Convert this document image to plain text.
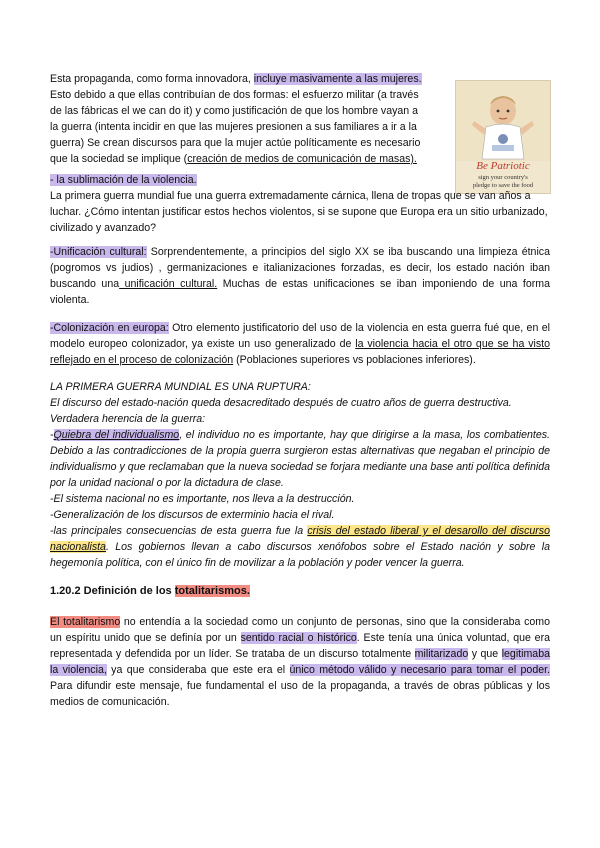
Be Patriotic
sign your country's
pledge to save the food
Esta propaganda, como forma innovadora, incluye masivamente a las mujeres.
Esto debido a que ellas contribuían de dos formas: el esfuerzo militar (a través
de las fábricas el we can do it) y como justificación de que los hombre vayan a
la guerra (intenta incidir en que las mujeres presionen a sus familiares a ir a la
guerra) Se crean discursos para que la mujer actúe políticamente es necesario
que la sociedad se implique (creación de medios de comunicación de masas).
- la sublimación de la violencia.
La primera guerra mundial fue una guerra extremadamente cárnica, llena de tropas que se van años a luchar. ¿Cómo intentan justificar estos hechos violentos, si se supone que Europa era un sitio urbanizado, civilizado y avanzado?
-Unificación cultural: Sorprendentemente, a principios del siglo XX se iba buscando una limpieza étnica (pogromos vs judios) , germanizaciones e italianizaciones forzadas, es decir, los estado nación iban buscando una unificación cultural. Muchas de estas unificaciones se iban imponiendo de una forma violenta.
-Colonización en europa: Otro elemento justificatorio del uso de la violencia en esta guerra fué que, en el modelo europeo colonizador, ya existe un uso generalizado de la violencia hacia el otro que se ha visto reflejado en el proceso de colonización (Poblaciones superiores vs poblaciones inferiores).
LA PRIMERA GUERRA MUNDIAL ES UNA RUPTURA:
El discurso del estado-nación queda desacreditado después de cuatro años de guerra destructiva.
Verdadera herencia de la guerra:
-Quiebra del individualismo, el individuo no es importante, hay que dirigirse a la masa, los combatientes. Debido a las contradicciones de la propia guerra surgieron estas alternativas que negaban el principio de individualismo y que reclamaban que la nueva sociedad se forjara mediante una base anti política definida por la unidad nacional o por la dictadura de clase.
-El sistema nacional no es importante, nos lleva a la destrucción.
-Generalización de los discursos de exterminio hacia el rival.
-las principales consecuencias de esta guerra fue la crisis del estado liberal y el desarollo del discurso nacionalista. Los gobiernos llevan a cabo discursos xenófobos sobre el Estado nación y sobre la hegemonía política, con el único fin de movilizar a la población y poder vencer la guerra.
1.20.2 Definición de los totalitarismos.
El totalitarismo no entendía a la sociedad como un conjunto de personas, sino que la consideraba como un espíritu unido que se definía por un sentido racial o histórico. Este tenía una única voluntad, que era representada y defendida por un líder. Se trataba de un discurso totalmente militarizado y que legitimaba la violencia, ya que consideraba que este era el único método válido y necesario para tomar el poder. Para difundir este mensaje, fue fundamental el uso de la propaganda, a través de obras públicas y los medios de comunicación.
